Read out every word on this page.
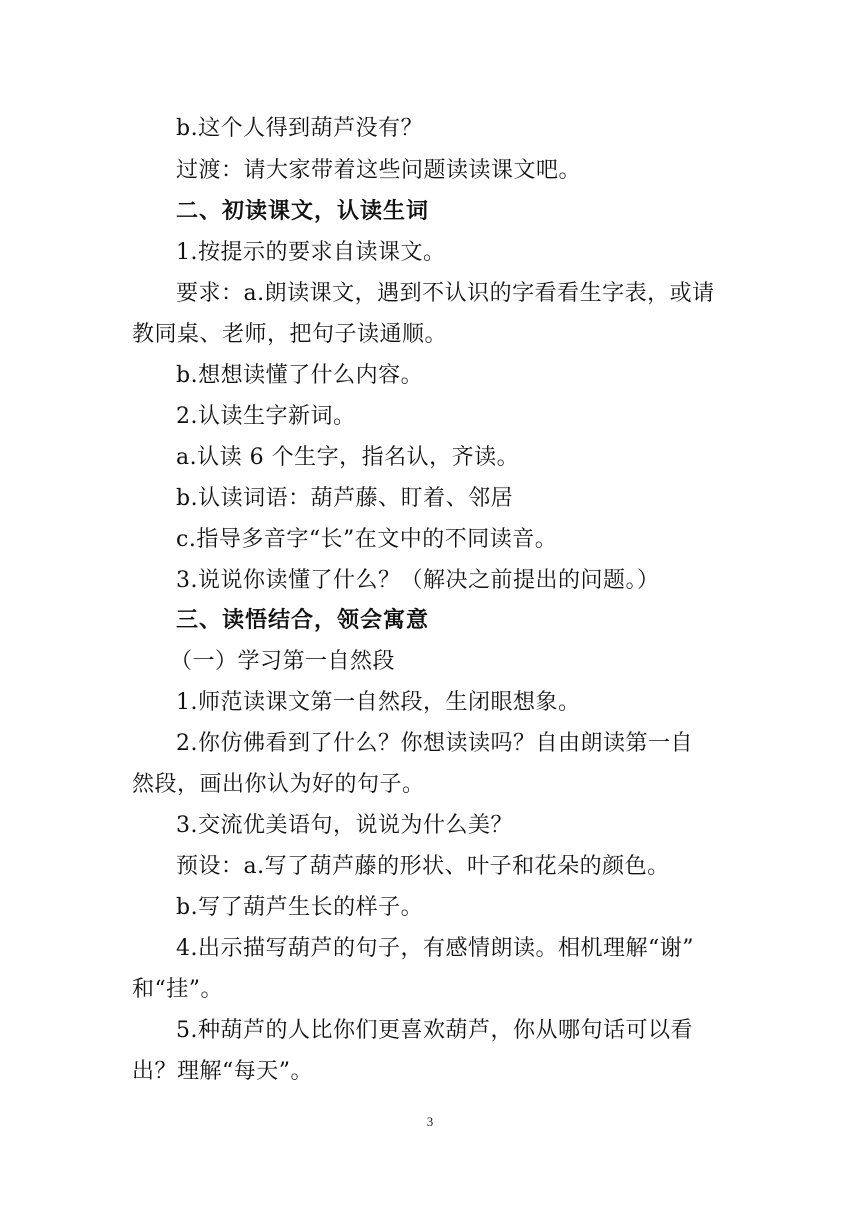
b.这个人得到葫芦没有？
过渡：请大家带着这些问题读读课文吧。
二、初读课文，认读生词
1.按提示的要求自读课文。
要求：a.朗读课文，遇到不认识的字看看生字表，或请
教同桌、老师，把句子读通顺。
b.想想读懂了什么内容。
2.认读生字新词。
a.认读 6 个生字，指名认，齐读。
b.认读词语：葫芦藤、盯着、邻居
c.指导多音字“长”在文中的不同读音。
3.说说你读懂了什么？（解决之前提出的问题。）
三、读悟结合，领会寓意
（一）学习第一自然段
1.师范读课文第一自然段，生闭眼想象。
2.你仿佛看到了什么？你想读读吗？自由朗读第一自
然段，画出你认为好的句子。
3.交流优美语句，说说为什么美？
预设：a.写了葫芦藤的形状、叶子和花朵的颜色。
b.写了葫芦生长的样子。
4.出示描写葫芦的句子，有感情朗读。相机理解“谢”
和“挂”。
5.种葫芦的人比你们更喜欢葫芦，你从哪句话可以看
出？理解“每天”。
3
